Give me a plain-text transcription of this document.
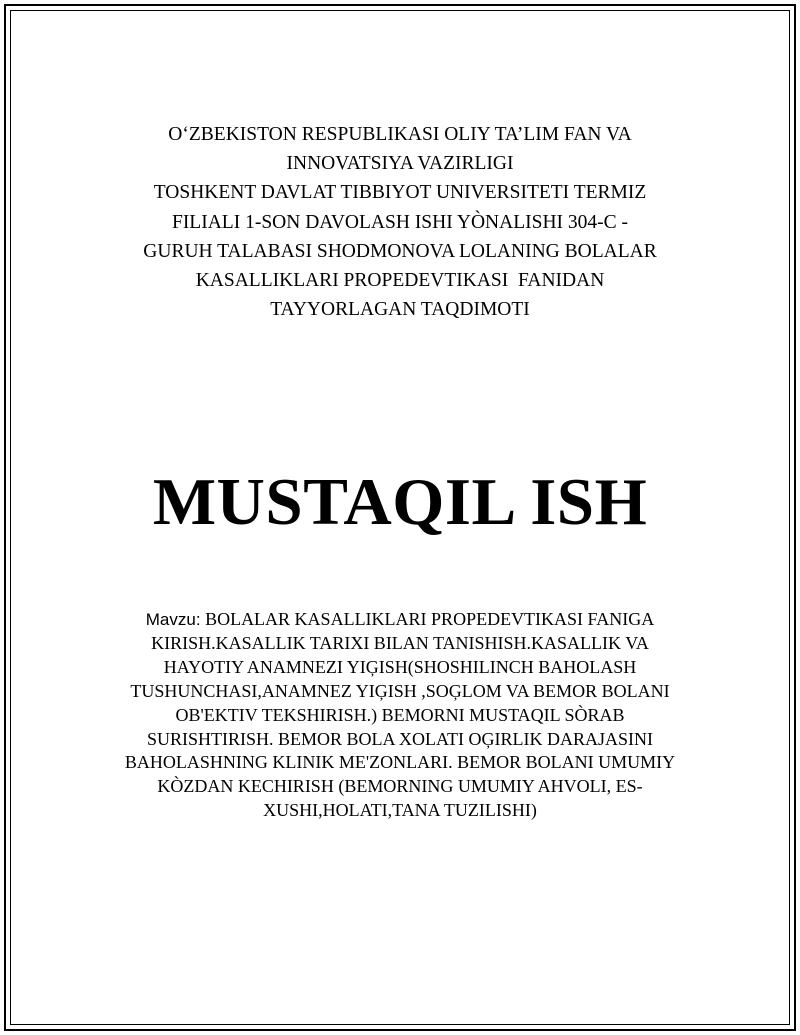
O‘ZBEKISTON RESPUBLIKASI OLIY TA’LIM FAN VA
INNOVATSIYA VAZIRLIGI
TOSHKENT DAVLAT TIBBIYOT UNIVERSITETI TERMIZ
FILIALI 1-SON DAVOLASH ISHI YÒNALISHI 304-C -
GURUH TALABASI SHODMONOVA LOLANING BOLALAR
KASALLIKLARI PROPEDEVTIKASI  FANIDAN
TAYYORLAGAN TAQDIMOTI
MUSTAQIL ISH
Mavzu: BOLALAR KASALLIKLARI PROPEDEVTIKASI FANIGA
KIRISH.KASALLIK TARIXI BILAN TANISHISH.KASALLIK VA
HAYOTIY ANAMNEZI YIĢISH(SHOSHILINCH BAHOLASH
TUSHUNCHASI,ANAMNEZ YIĢISH ,SOĢLOM VA BEMOR BOLANI
OB'EKTIV TEKSHIRISH.) BEMORNI MUSTAQIL SÒRAB
SURISHTIRISH. BEMOR BOLA XOLATI OĢIRLIK DARAJASINI
BAHOLASHNING KLINIK ME'ZONLARI. BEMOR BOLANI UMUMIY
KÒZDAN KECHIRISH (BEMORNING UMUMIY AHVOLI, ES-
XUSHI,HOLATI,TANA TUZILISHI)
